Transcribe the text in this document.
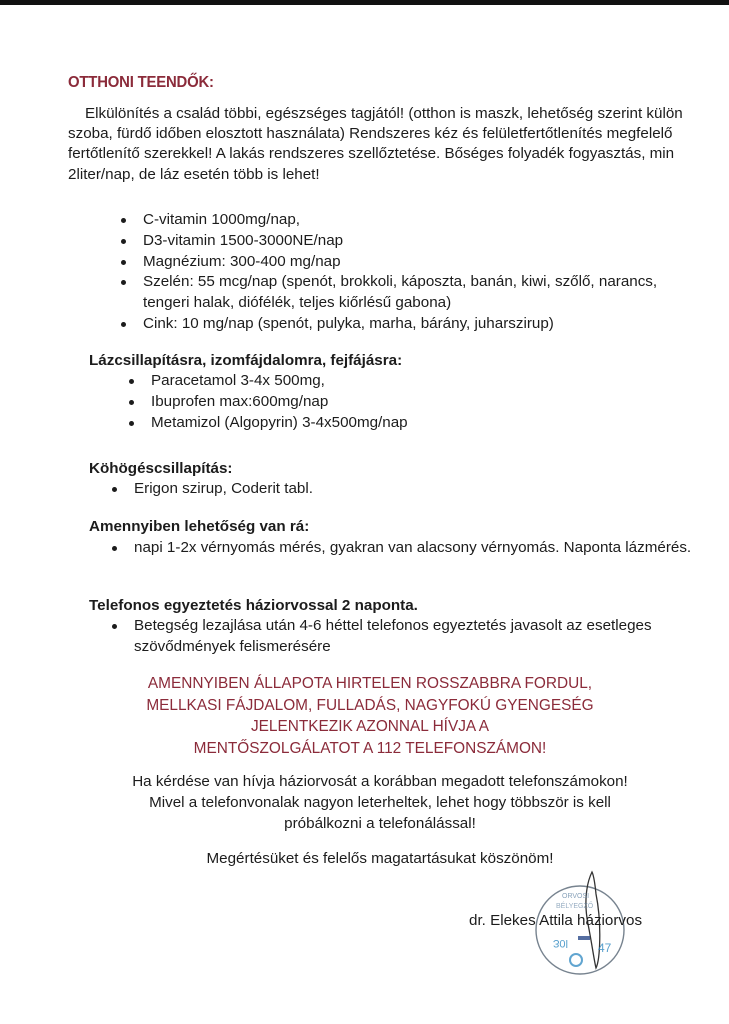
OTTHONI TEENDŐK:
Elkülönítés a család többi, egészséges tagjától! (otthon is maszk, lehetőség szerint külön szoba, fürdő időben elosztott használata) Rendszeres kéz és felületfertőtlenítés megfelelő fertőtlenítő szerekkel! A lakás rendszeres szellőztetése. Bőséges folyadék fogyasztás, min 2liter/nap, de láz esetén több is lehet!
C-vitamin 1000mg/nap,
D3-vitamin 1500-3000NE/nap
Magnézium: 300-400 mg/nap
Szelén: 55 mcg/nap (spenót, brokkoli, káposzta, banán, kiwi, szőlő, narancs, tengeri halak, diófélék, teljes kiőrlésű gabona)
Cink: 10 mg/nap (spenót, pulyka, marha, bárány, juharszirup)
Lázcsillapításra, izomfájdalomra, fejfájásra:
Paracetamol 3-4x 500mg,
Ibuprofen max:600mg/nap
Metamizol (Algopyrin) 3-4x500mg/nap
Köhögéscsillapítás:
Erigon szirup, Coderit tabl.
Amennyiben lehetőség van rá:
napi 1-2x vérnyomás mérés, gyakran van alacsony vérnyomás. Naponta lázmérés.
Telefonos egyeztetés háziorvossal 2 naponta.
Betegség lezajlása után 4-6 héttel telefonos egyeztetés javasolt az esetleges szövődmények felismerésére
AMENNYIBEN ÁLLAPOTA HIRTELEN ROSSZABBRA FORDUL,
MELLKASI FÁJDALOM, FULLADÁS, NAGYFOKÚ GYENGESÉG
JELENTKEZIK AZONNAL HÍVJA A
MENTŐSZOLGÁLATOT A 112 TELEFONSZÁMON!
Ha kérdése van hívja háziorvosát a korábban megadott telefonszámokon!
Mivel a telefonvonalak nagyon leterheltek, lehet hogy többször is kell
próbálkozni a telefonálással!
Megértésüket és felelős magatartásukat köszönöm!
ORVOSI
BÉLYEGZŐ
Ɩ0Ɛ	47
dr. Elekes Attila háziorvos
